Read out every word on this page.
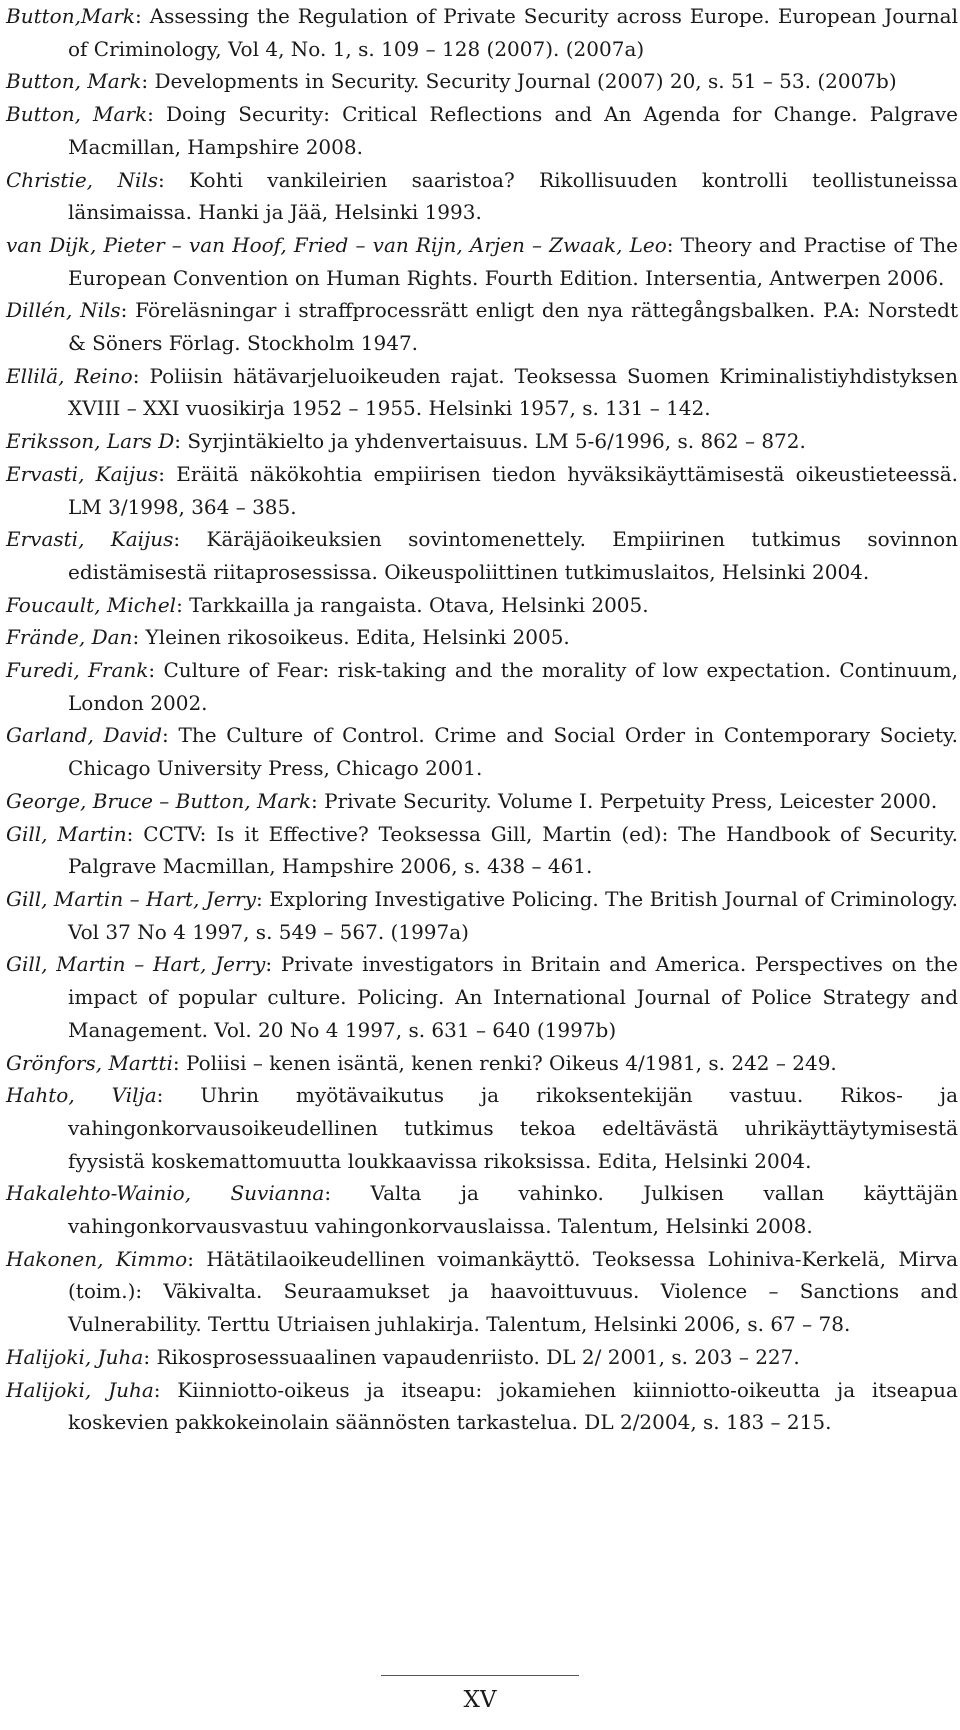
Button,Mark: Assessing the Regulation of Private Security across Europe. European Journal of Criminology, Vol 4, No. 1, s. 109 – 128 (2007). (2007a)
Button, Mark: Developments in Security. Security Journal (2007) 20, s. 51 – 53. (2007b)
Button, Mark: Doing Security: Critical Reflections and An Agenda for Change. Palgrave Macmillan, Hampshire 2008.
Christie, Nils: Kohti vankileirien saaristoa? Rikollisuuden kontrolli teollistuneissa länsimaissa. Hanki ja Jää, Helsinki 1993.
van Dijk, Pieter – van Hoof, Fried – van Rijn, Arjen – Zwaak, Leo: Theory and Practise of The European Convention on Human Rights. Fourth Edition. Intersentia, Antwerpen 2006.
Dillén, Nils: Föreläsningar i straffprocessrätt enligt den nya rättegångsbalken. P.A: Norstedt & Söners Förlag. Stockholm 1947.
Ellilä, Reino: Poliisin hätävarjeluoikeuden rajat. Teoksessa Suomen Kriminalistiyhdistyksen XVIII – XXI vuosikirja 1952 – 1955. Helsinki 1957, s. 131 – 142.
Eriksson, Lars D: Syrjintäkielto ja yhdenvertaisuus. LM 5-6/1996, s. 862 – 872.
Ervasti, Kaijus: Eräitä näkökohtia empiirisen tiedon hyväksikäyttämisestä oikeustieteessä. LM 3/1998, 364 – 385.
Ervasti, Kaijus: Käräjäoikeuksien sovintomenettely. Empiirinen tutkimus sovinnon edistämisestä riitaprosessissa. Oikeuspoliittinen tutkimuslaitos, Helsinki 2004.
Foucault, Michel: Tarkkailla ja rangaista. Otava, Helsinki 2005.
Frände, Dan: Yleinen rikosoikeus. Edita, Helsinki 2005.
Furedi, Frank: Culture of Fear: risk-taking and the morality of low expectation. Continuum, London 2002.
Garland, David: The Culture of Control. Crime and Social Order in Contemporary Society. Chicago University Press, Chicago 2001.
George, Bruce – Button, Mark: Private Security. Volume I. Perpetuity Press, Leicester 2000.
Gill, Martin: CCTV: Is it Effective? Teoksessa Gill, Martin (ed): The Handbook of Security. Palgrave Macmillan, Hampshire 2006, s. 438 – 461.
Gill, Martin – Hart, Jerry: Exploring Investigative Policing. The British Journal of Criminology. Vol 37 No 4 1997, s. 549 – 567. (1997a)
Gill, Martin – Hart, Jerry: Private investigators in Britain and America. Perspectives on the impact of popular culture. Policing. An International Journal of Police Strategy and Management. Vol. 20 No 4 1997, s. 631 – 640 (1997b)
Grönfors, Martti: Poliisi – kenen isäntä, kenen renki? Oikeus 4/1981, s. 242 – 249.
Hahto, Vilja: Uhrin myötävaikutus ja rikoksentekijän vastuu. Rikos- ja vahingonkorvausoikeudellinen tutkimus tekoa edeltävästä uhrikäyttäytymisestä fyysistä koskemattomuutta loukkaavissa rikoksissa. Edita, Helsinki 2004.
Hakalehto-Wainio, Suvianna: Valta ja vahinko. Julkisen vallan käyttäjän vahingonkorvausvastuu vahingonkorvauslaissa. Talentum, Helsinki 2008.
Hakonen, Kimmo: Hätätilaoikeudellinen voimankäyttö. Teoksessa Lohiniva-Kerkelä, Mirva (toim.): Väkivalta. Seuraamukset ja haavoittuvuus. Violence – Sanctions and Vulnerability. Terttu Utriaisen juhlakirja. Talentum, Helsinki 2006, s. 67 – 78.
Halijoki, Juha: Rikosprosessuaalinen vapaudenriisto. DL 2/ 2001, s. 203 – 227.
Halijoki, Juha: Kiinniotto-oikeus ja itseapu: jokamiehen kiinniotto-oikeutta ja itseapua koskevien pakkokeinolain säännösten tarkastelua. DL 2/2004, s. 183 – 215.
XV
